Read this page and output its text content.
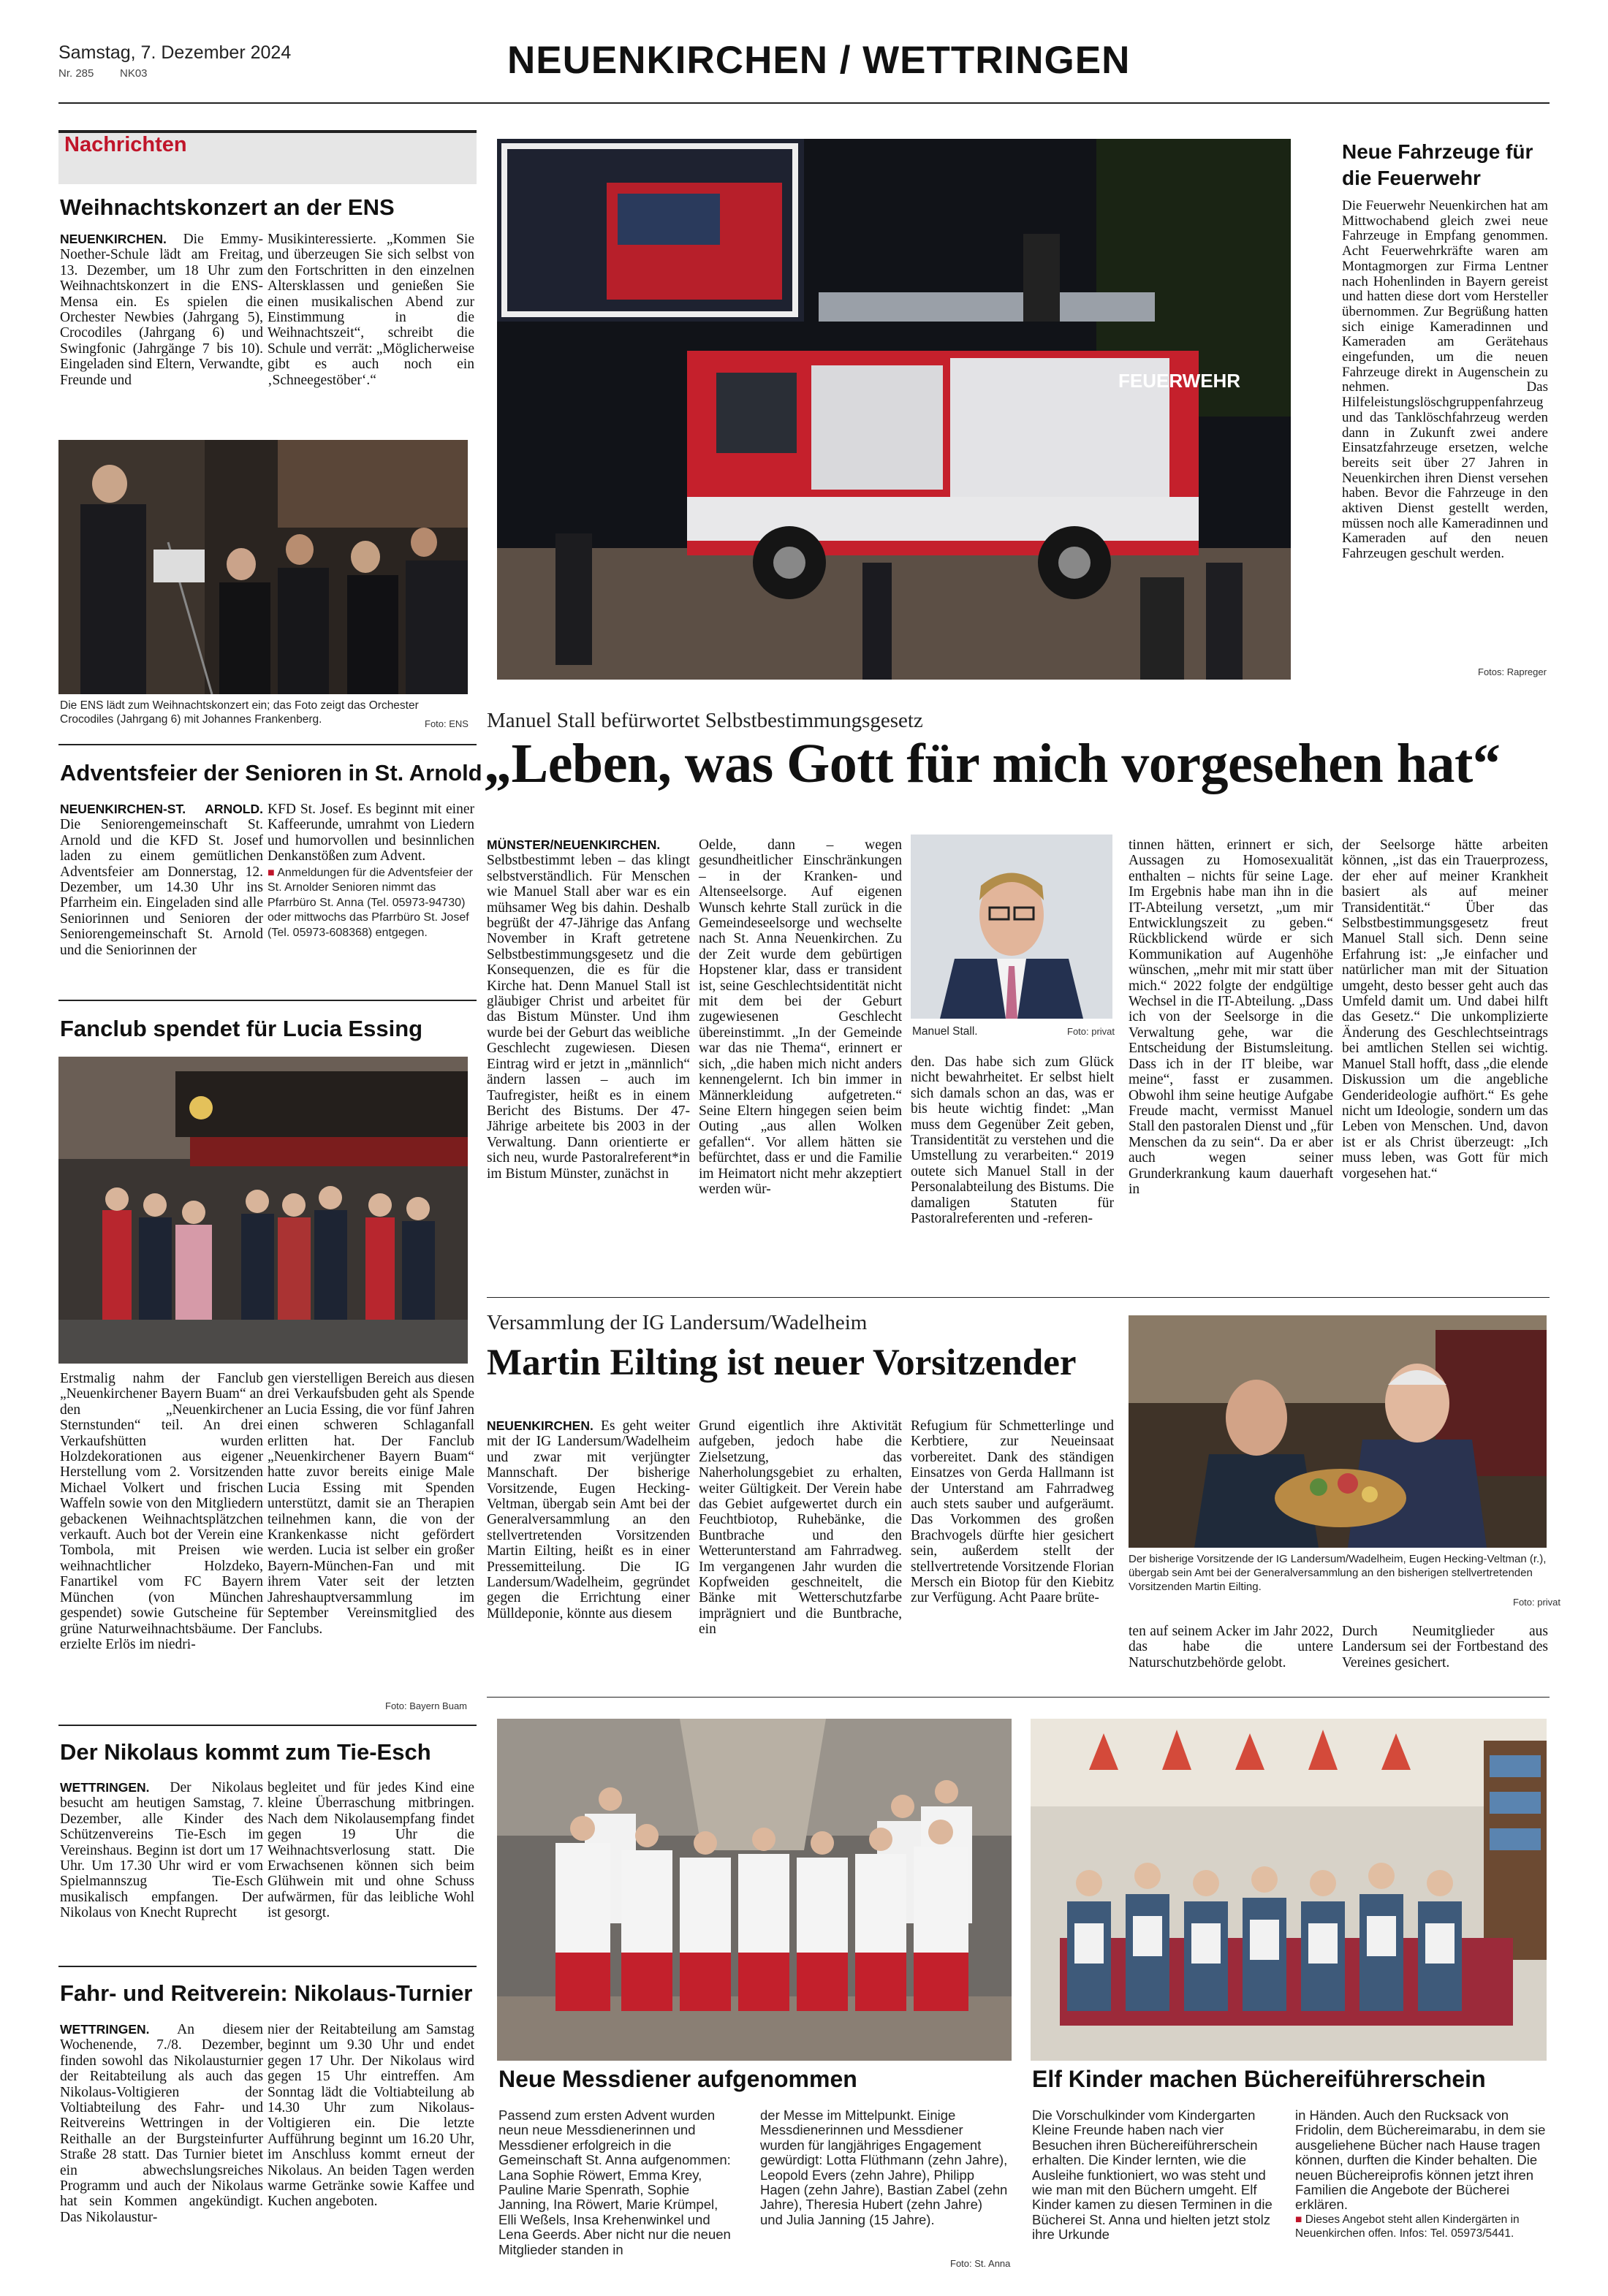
Samstag, 7. Dezember 2024
Nr. 285 NK03	NEUENKIRCHEN / WETTRINGEN
Nachrichten
Weihnachtskonzert an der ENS
NEUENKIRCHEN. Die Emmy-Noether-Schule lädt am Freitag, 13. Dezember, um 18 Uhr zum Weihnachtskonzert in die ENS-Mensa ein. Es spielen die Orchester Newbies (Jahrgang 5), Crocodiles (Jahrgang 6) und Swingfonic (Jahrgänge 7 bis 10). Eingeladen sind Eltern, Verwandte, Freunde und
Musikinteressierte. „Kommen Sie und überzeugen Sie sich selbst von den Fortschritten in den einzelnen Altersklassen und genießen Sie einen musikalischen Abend zur Einstimmung in die Weihnachtszeit“, schreibt die Schule und verrät: „Möglicherweise gibt es auch noch ein ‚Schneegestöber‘.“
Die ENS lädt zum Weihnachtskonzert ein; das Foto zeigt das Orchester Crocodiles (Jahrgang 6) mit Johannes Frankenberg.	Foto: ENS
Adventsfeier der Senioren in St. Arnold
NEUENKIRCHEN-ST. ARNOLD. Die Seniorengemeinschaft St. Arnold und die KFD St. Josef laden zu einem gemütlichen Adventsfeier am Donnerstag, 12. Dezember, um 14.30 Uhr ins Pfarrheim ein. Eingeladen sind alle Seniorinnen und Senioren der Seniorengemeinschaft St. Arnold und die Seniorinnen der
KFD St. Josef. Es beginnt mit einer Kaffeerunde, umrahmt von Liedern und humorvollen und besinnlichen Denkanstößen zum Advent.
■ Anmeldungen für die Adventsfeier der St. Arnolder Senioren nimmt das Pfarrbüro St. Anna (Tel. 05973-94730) oder mittwochs das Pfarrbüro St. Josef (Tel. 05973-608368) entgegen.
Fanclub spendet für Lucia Essing
Erstmalig nahm der Fanclub „Neuenkirchener Bayern Buam“ an den „Neuenkirchener Sternstunden“ teil. An drei Verkaufshütten wurden Holzdekorationen aus eigener Herstellung vom 2. Vorsitzenden Michael Volkert und frischen Waffeln sowie von den Mitgliedern gebackenen Weihnachtsplätzchen verkauft. Auch bot der Verein eine Tombola, mit Preisen wie weihnachtlicher Holzdeko, Fanartikel vom FC Bayern München (von München gespendet) sowie Gutscheine für grüne Naturweihnachtsbäume. Der erzielte Erlös im niedri-
gen vierstelligen Bereich aus diesen drei Verkaufsbuden geht als Spende an Lucia Essing, die vor fünf Jahren einen schweren Schlaganfall erlitten hat. Der Fanclub „Neuenkirchener Bayern Buam“ hatte zuvor bereits einige Male Lucia Essing mit Spenden unterstützt, damit sie an Therapien teilnehmen kann, die von der Krankenkasse nicht gefördert werden. Lucia ist selber ein großer Bayern-München-Fan und mit ihrem Vater seit der letzten Jahreshauptversammlung im September Vereinsmitglied des Fanclubs.
Foto: Bayern Buam
Der Nikolaus kommt zum Tie-Esch
WETTRINGEN. Der Nikolaus besucht am heutigen Samstag, 7. Dezember, alle Kinder des Schützenvereins Tie-Esch im Vereinshaus. Beginn ist dort um 17 Uhr. Um 17.30 Uhr wird er vom Spielmannszug Tie-Esch musikalisch empfangen. Der Nikolaus von Knecht Ruprecht
begleitet und für jedes Kind eine kleine Überraschung mitbringen. Nach dem Nikolausempfang findet gegen 19 Uhr die Weihnachtsverlosung statt. Die Erwachsenen können sich beim Glühwein mit und ohne Schuss aufwärmen, für das leibliche Wohl ist gesorgt.
Fahr- und Reitverein: Nikolaus-Turnier
WETTRINGEN. An diesem Wochenende, 7./8. Dezember, finden sowohl das Nikolausturnier der Reitabteilung als auch das Nikolaus-Voltigieren der Voltiabteilung des Fahr- und Reitvereins Wettringen in der Reithalle an der Burgsteinfurter Straße 28 statt. Das Turnier bietet ein abwechslungsreiches Programm und auch der Nikolaus hat sein Kommen angekündigt. Das Nikolaustur-
nier der Reitabteilung am Samstag beginnt um 9.30 Uhr und endet gegen 17 Uhr. Der Nikolaus wird gegen 15 Uhr eintreffen. Am Sonntag lädt die Voltiabteilung ab 14.30 Uhr zum Nikolaus-Voltigieren ein. Die letzte Aufführung beginnt um 16.20 Uhr, im Anschluss kommt erneut der Nikolaus. An beiden Tagen werden warme Getränke sowie Kaffee und Kuchen angeboten.
FEUERWEHR
Neue Fahrzeuge für die Feuerwehr
Die Feuerwehr Neuenkirchen hat am Mittwochabend gleich zwei neue Fahrzeuge in Empfang genommen. Acht Feuerwehrkräfte waren am Montagmorgen zur Firma Lentner nach Hohenlinden in Bayern gereist und hatten diese dort vom Hersteller übernommen. Zur Begrüßung hatten sich einige Kameradinnen und Kameraden am Gerätehaus eingefunden, um die neuen Fahrzeuge direkt in Augenschein zu nehmen. Das Hilfeleistungslöschgruppenfahrzeug und das Tanklöschfahrzeug werden dann in Zukunft zwei andere Einsatzfahrzeuge ersetzen, welche bereits seit über 27 Jahren in Neuenkirchen ihren Dienst versehen haben. Bevor die Fahrzeuge in den aktiven Dienst gestellt werden, müssen noch alle Kameradinnen und Kameraden auf den neuen Fahrzeugen geschult werden.
Fotos: Rapreger
Manuel Stall befürwortet Selbstbestimmungsgesetz
„Leben, was Gott für mich vorgesehen hat“
MÜNSTER/NEUENKIRCHEN. Selbstbestimmt leben – das klingt selbstverständlich. Für Menschen wie Manuel Stall aber war es ein mühsamer Weg bis dahin. Deshalb begrüßt der 47-Jährige das Anfang November in Kraft getretene Selbstbestimmungsgesetz und die Konsequenzen, die es für die Kirche hat. Denn Manuel Stall ist gläubiger Christ und arbeitet für das Bistum Münster. Und ihm wurde bei der Geburt das weibliche Geschlecht zugewiesen. Diesen Eintrag wird er jetzt in „männlich“ ändern lassen – auch im Taufregister, heißt es in einem Bericht des Bistums. Der 47-Jährige arbeitete bis 2003 in der Verwaltung. Dann orientierte er sich neu, wurde Pastoralreferent*in im Bistum Münster, zunächst in
Oelde, dann – wegen gesundheitlicher Einschränkungen – in der Kranken- und Altenseelsorge. Auf eigenen Wunsch kehrte Stall zurück in die Gemeindeseelsorge und wechselte nach St. Anna Neuenkirchen. Zu der Zeit wurde dem gebürtigen Hopstener klar, dass er transident ist, seine Geschlechtsidentität nicht mit dem bei der Geburt zugewiesenen Geschlecht übereinstimmt. „In der Gemeinde war das nie Thema“, erinnert er sich, „die haben mich nicht anders kennengelernt. Ich bin immer in Männerkleidung aufgetreten.“ Seine Eltern hingegen seien beim Outing „aus allen Wolken gefallen“. Vor allem hätten sie befürchtet, dass er und die Familie im Heimatort nicht mehr akzeptiert werden wür-
Manuel Stall.	Foto: privat
den. Das habe sich zum Glück nicht bewahrheitet. Er selbst hielt sich damals schon an das, was er bis heute wichtig findet: „Man muss dem Gegenüber Zeit geben, Transidentität zu verstehen und die Umstellung zu verarbeiten.“ 2019 outete sich Manuel Stall in der Personalabteilung des Bistums. Die damaligen Statuten für Pastoralreferenten und -referen-
tinnen hätten, erinnert er sich, Aussagen zu Homosexualität enthalten – nichts für seine Lage. Im Ergebnis habe man ihn in die IT-Abteilung versetzt, „um mir Entwicklungszeit zu geben.“ Rückblickend würde er sich Kommunikation auf Augenhöhe wünschen, „mehr mit mir statt über mich.“ 2022 folgte der endgültige Wechsel in die IT-Abteilung. „Dass ich von der Seelsorge in die Verwaltung gehe, war die Entscheidung der Bistumsleitung. Dass ich in der IT bleibe, war meine“, fasst er zusammen. Obwohl ihm seine heutige Aufgabe Freude macht, vermisst Manuel Stall den pastoralen Dienst und „für Menschen da zu sein“. Da er aber auch wegen seiner Grunderkrankung kaum dauerhaft in
der Seelsorge hätte arbeiten können, „ist das ein Trauerprozess, der eher auf meiner Krankheit basiert als auf meiner Transidentität.“ Über das Selbstbestimmungsgesetz freut Manuel Stall sich. Denn seine Erfahrung ist: „Je einfacher und natürlicher man mit der Situation umgeht, desto besser geht auch das Umfeld damit um. Und dabei hilft das Gesetz.“ Die unkomplizierte Änderung des Geschlechtseintrags bei amtlichen Stellen sei wichtig. Manuel Stall hofft, dass „die elende Diskussion um die angebliche Genderideologie aufhört.“ Es gehe nicht um Ideologie, sondern um das Leben von Menschen. Und, davon ist er als Christ überzeugt: „Ich muss leben, was Gott für mich vorgesehen hat.“
Versammlung der IG Landersum/Wadelheim
Martin Eilting ist neuer Vorsitzender
NEUENKIRCHEN. Es geht weiter mit der IG Landersum/Wadelheim und zwar mit verjüngter Mannschaft. Der bisherige Vorsitzende, Eugen Hecking-Veltman, übergab sein Amt bei der Generalversammlung an den stellvertretenden Vorsitzenden Martin Eilting, heißt es in einer Pressemitteilung. Die IG Landersum/Wadelheim, gegründet gegen die Errichtung einer Mülldeponie, könnte aus diesem
Grund eigentlich ihre Aktivität aufgeben, jedoch habe die Zielsetzung, das Naherholungsgebiet zu erhalten, weiter Gültigkeit. Der Verein habe das Gebiet aufgewertet durch ein Feuchtbiotop, Ruhebänke, die Buntbrache und den Wetterunterstand am Fahrradweg. Im vergangenen Jahr wurden die Kopfweiden geschneitelt, die Bänke mit Wetterschutzfarbe imprägniert und die Buntbrache, ein
Refugium für Schmetterlinge und Kerbtiere, zur Neueinsaat vorbereitet. Dank des ständigen Einsatzes von Gerda Hallmann ist der Unterstand am Fahrradweg auch stets sauber und aufgeräumt. Das Vorkommen des großen Brachvogels dürfte hier gesichert sein, außerdem stellt der stellvertretende Vorsitzende Florian Mersch ein Biotop für den Kiebitz zur Verfügung. Acht Paare brüte-
Der bisherige Vorsitzende der IG Landersum/Wadelheim, Eugen Hecking-Veltman (r.), übergab sein Amt bei der Generalversammlung an den bisherigen stellvertretenden Vorsitzenden Martin Eilting.
Foto: privat
ten auf seinem Acker im Jahr 2022, das habe die untere Naturschutzbehörde gelobt.
Durch Neumitglieder aus Landersum sei der Fortbestand des Vereines gesichert.
Neue Messdiener aufgenommen
Passend zum ersten Advent wurden neun neue Messdienerinnen und Messdiener erfolgreich in die Gemeinschaft St. Anna aufgenommen: Lana Sophie Röwert, Emma Krey, Pauline Marie Spenrath, Sophie Janning, Ina Röwert, Marie Krümpel, Elli Weßels, Insa Krehenwinkel und Lena Geerds. Aber nicht nur die neuen Mitglieder standen in
der Messe im Mittelpunkt. Einige Messdienerinnen und Messdiener wurden für langjähriges Engagement gewürdigt: Lotta Flüthmann (zehn Jahre), Leopold Evers (zehn Jahre), Philipp Hagen (zehn Jahre), Bastian Zabel (zehn Jahre), Theresia Hubert (zehn Jahre) und Julia Janning (15 Jahre).
Foto: St. Anna
Elf Kinder machen Büchereiführerschein
Die Vorschulkinder vom Kindergarten Kleine Freunde haben nach vier Besuchen ihren Büchereiführerschein erhalten. Die Kinder lernten, wie die Ausleihe funktioniert, wo was steht und wie man mit den Büchern umgeht. Elf Kinder kamen zu diesen Terminen in die Bücherei St. Anna und hielten jetzt stolz ihre Urkunde
in Händen. Auch den Rucksack von Fridolin, dem Büchereimarabu, in dem sie ausgeliehene Bücher nach Hause tragen können, durften die Kinder behalten. Die neuen Büchereiprofis können jetzt ihren Familien die Angebote der Bücherei erklären.
■ Dieses Angebot steht allen Kindergärten in Neuenkirchen offen. Infos: Tel. 05973/5441.
